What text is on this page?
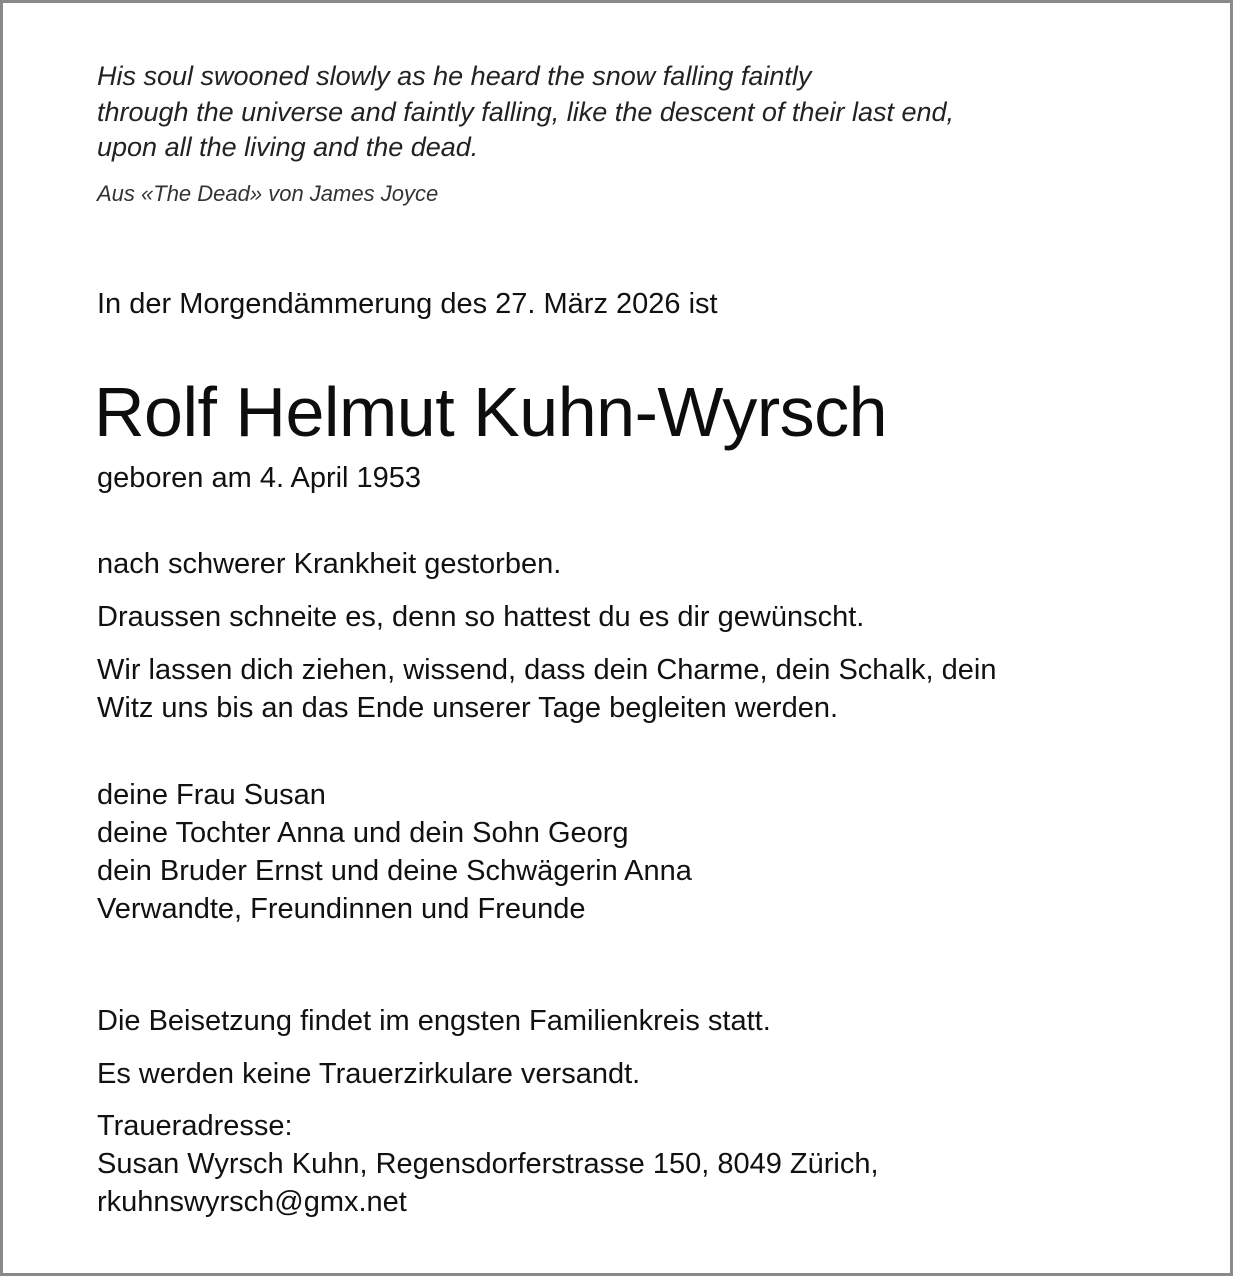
His soul swooned slowly as he heard the snow falling faintly
through the universe and faintly falling, like the descent of their last end,
upon all the living and the dead.
Aus «The Dead» von James Joyce
In der Morgendämmerung des 27. März 2026 ist
Rolf Helmut Kuhn-Wyrsch
geboren am 4. April 1953
nach schwerer Krankheit gestorben.
Draussen schneite es, denn so hattest du es dir gewünscht.
Wir lassen dich ziehen, wissend, dass dein Charme, dein Schalk, dein
Witz uns bis an das Ende unserer Tage begleiten werden.
deine Frau Susan
deine Tochter Anna und dein Sohn Georg
dein Bruder Ernst und deine Schwägerin Anna
Verwandte, Freundinnen und Freunde
Die Beisetzung findet im engsten Familienkreis statt.
Es werden keine Trauerzirkulare versandt.
Traueradresse:
Susan Wyrsch Kuhn, Regensdorferstrasse 150, 8049 Zürich,
rkuhnswyrsch@gmx.net
